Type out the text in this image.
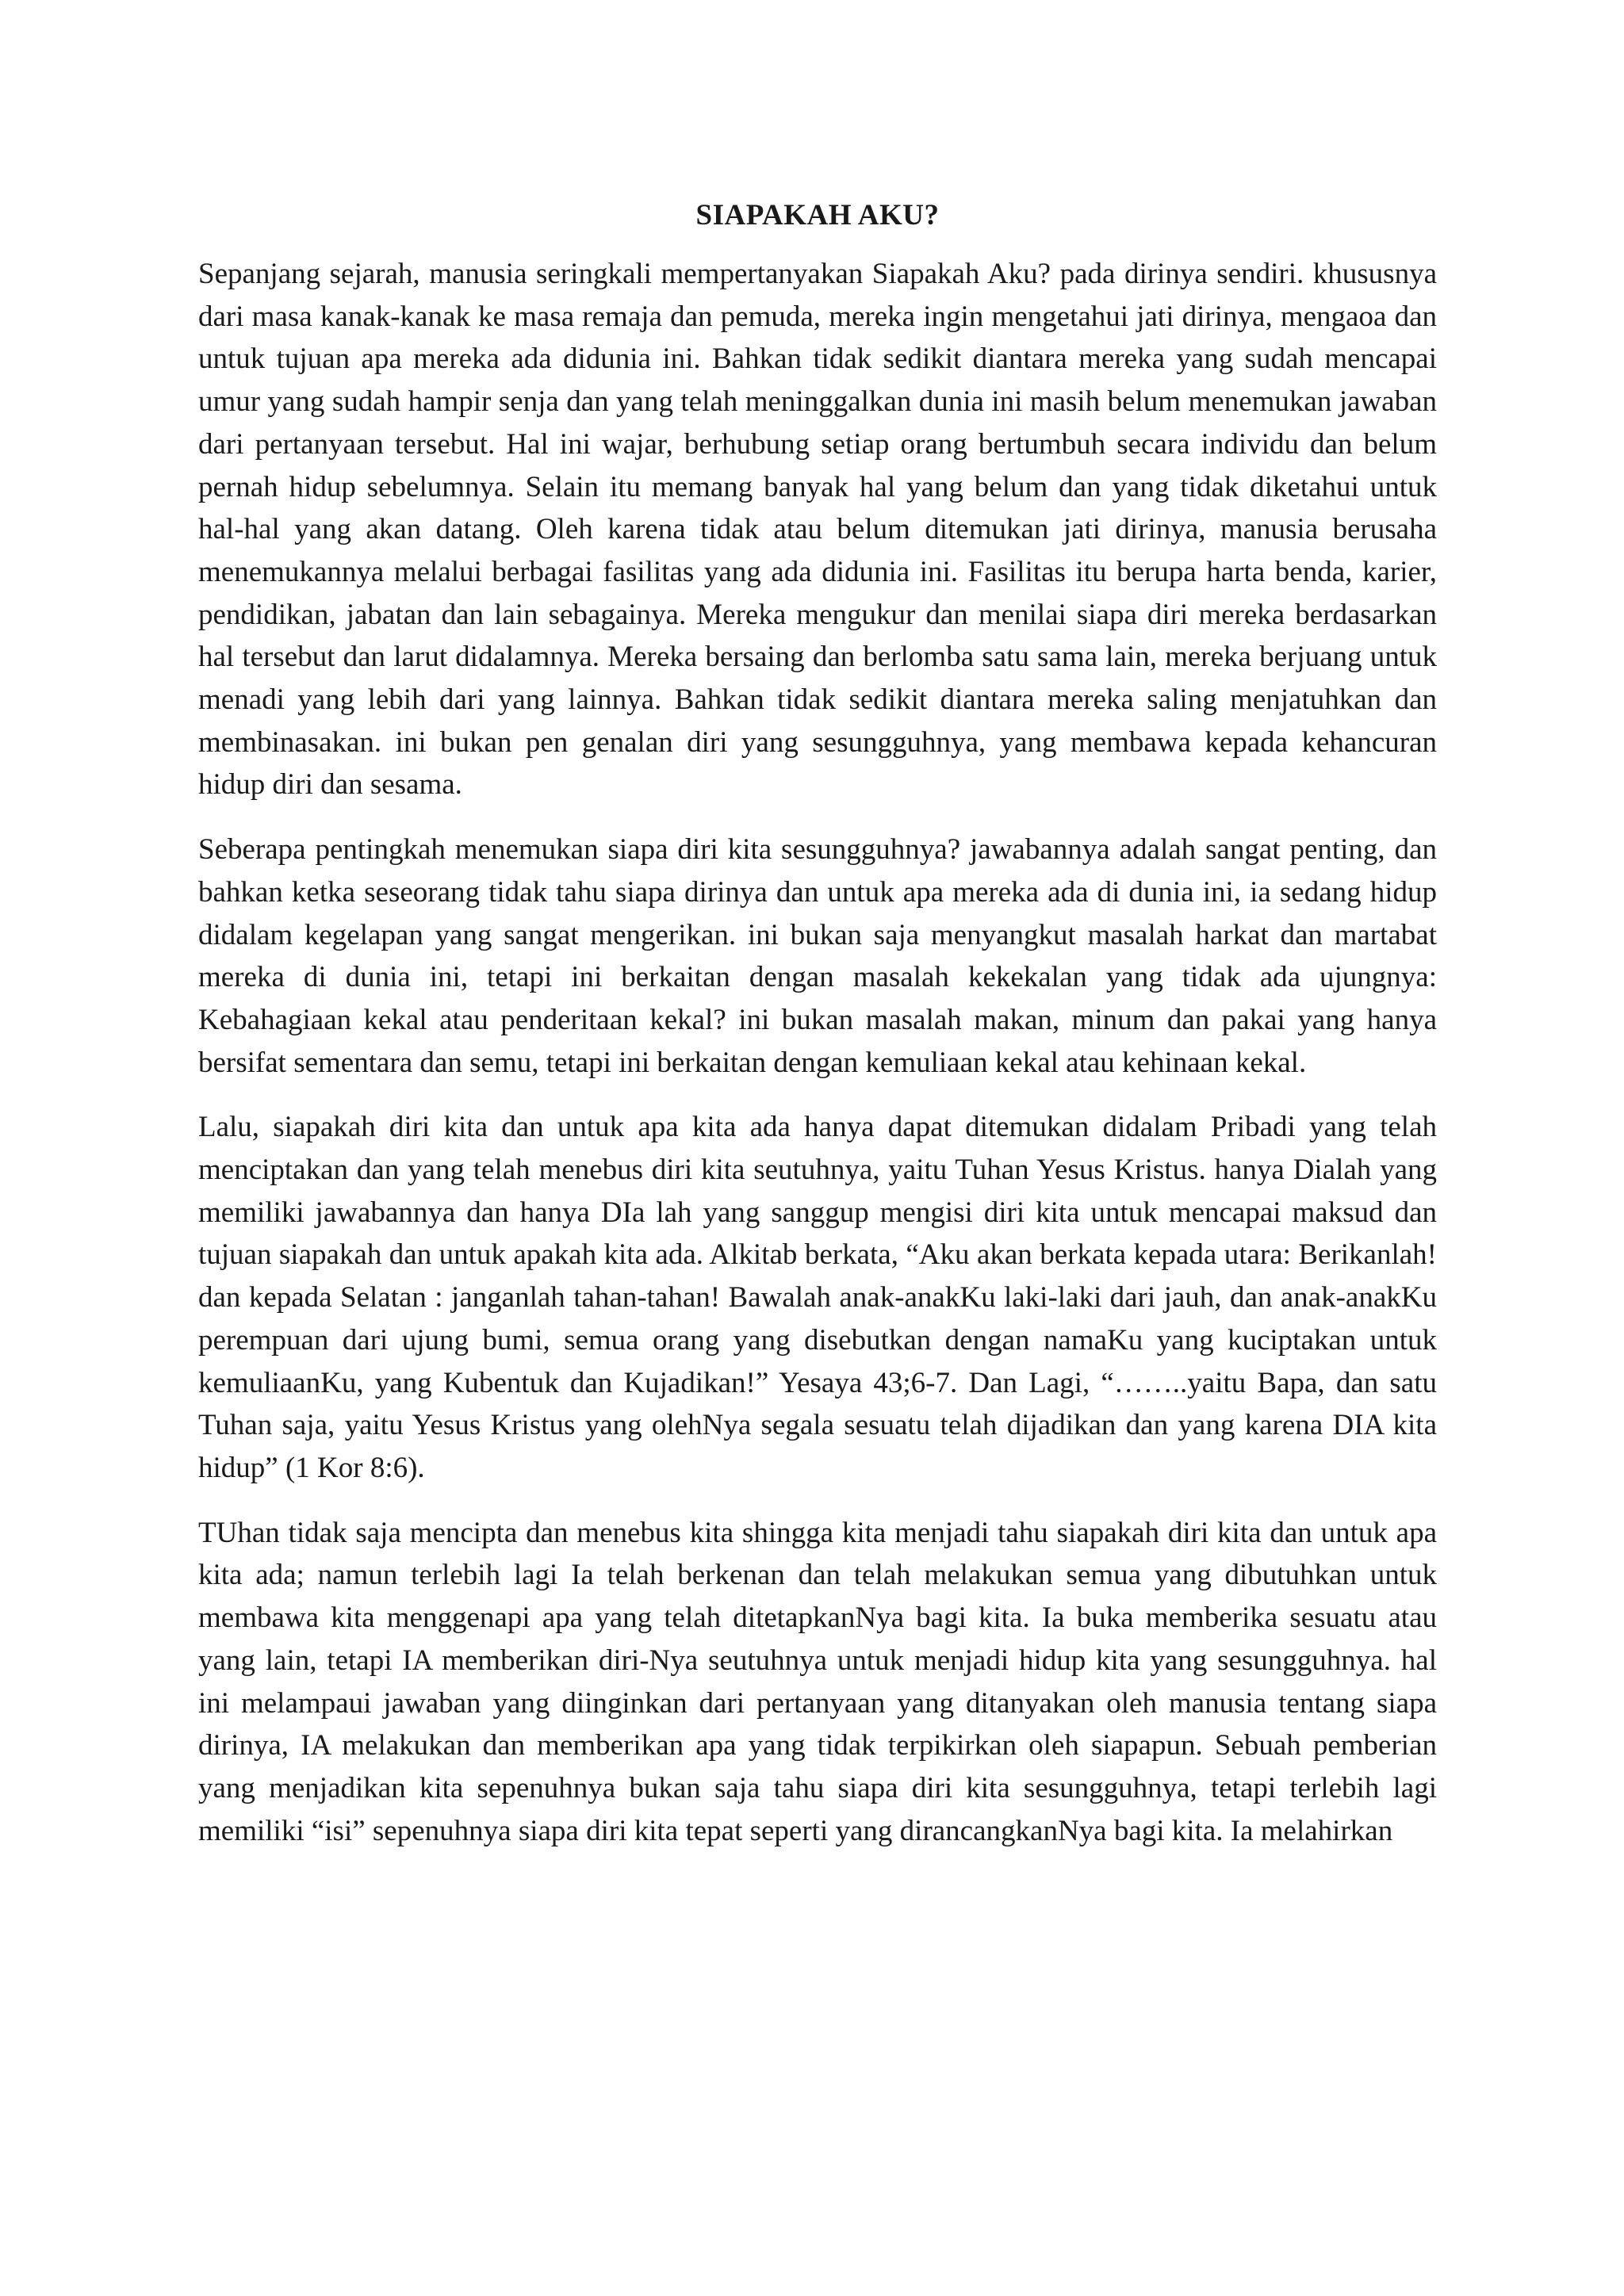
SIAPAKAH AKU?

Sepanjang sejarah, manusia seringkali mempertanyakan Siapakah Aku? pada dirinya sendiri. khususnya dari masa kanak-kanak ke masa remaja dan pemuda, mereka ingin mengetahui jati dirinya, mengaoa dan untuk tujuan apa mereka ada didunia ini. Bahkan tidak sedikit diantara mereka yang sudah mencapai umur yang sudah hampir senja dan yang telah meninggalkan dunia ini masih belum menemukan jawaban dari pertanyaan tersebut. Hal ini wajar, berhubung setiap orang bertumbuh secara individu dan belum pernah hidup sebelumnya. Selain itu memang banyak hal yang belum dan yang tidak diketahui untuk hal-hal yang akan datang. Oleh karena tidak atau belum ditemukan jati dirinya, manusia berusaha menemukannya melalui berbagai fasilitas yang ada didunia ini. Fasilitas itu berupa harta benda, karier, pendidikan, jabatan dan lain sebagainya. Mereka mengukur dan menilai siapa diri mereka berdasarkan hal tersebut dan larut didalamnya. Mereka bersaing dan berlomba satu sama lain, mereka berjuang untuk menadi yang lebih dari yang lainnya. Bahkan tidak sedikit diantara mereka saling menjatuhkan dan membinasakan. ini bukan pen genalan diri yang sesungguhnya, yang membawa kepada kehancuran hidup diri dan sesama.

Seberapa pentingkah menemukan siapa diri kita sesungguhnya? jawabannya adalah sangat penting, dan bahkan ketka seseorang tidak tahu siapa dirinya dan untuk apa mereka ada di dunia ini, ia sedang hidup didalam kegelapan yang sangat mengerikan. ini bukan saja menyangkut masalah harkat dan martabat mereka di dunia ini, tetapi ini berkaitan dengan masalah kekekalan yang tidak ada ujungnya: Kebahagiaan kekal atau penderitaan kekal? ini bukan masalah makan, minum dan pakai yang hanya bersifat sementara dan semu, tetapi ini berkaitan dengan kemuliaan kekal atau kehinaan kekal.

Lalu, siapakah diri kita dan untuk apa kita ada hanya dapat ditemukan didalam Pribadi yang telah menciptakan dan yang telah menebus diri kita seutuhnya, yaitu Tuhan Yesus Kristus. hanya Dialah yang memiliki jawabannya dan hanya DIa lah yang sanggup mengisi diri kita untuk mencapai maksud dan tujuan siapakah dan untuk apakah kita ada. Alkitab berkata, “Aku akan berkata kepada utara: Berikanlah! dan kepada Selatan : janganlah tahan-tahan! Bawalah anak-anakKu laki-laki dari jauh, dan anak-anakKu perempuan dari ujung bumi, semua orang yang disebutkan dengan namaKu yang kuciptakan untuk kemuliaanKu, yang Kubentuk dan Kujadikan!” Yesaya 43;6-7. Dan Lagi, “……..yaitu Bapa, dan satu Tuhan saja, yaitu Yesus Kristus yang olehNya segala sesuatu telah dijadikan dan yang karena DIA kita hidup” (1 Kor 8:6).

TUhan tidak saja mencipta dan menebus kita shingga kita menjadi tahu siapakah diri kita dan untuk apa kita ada; namun terlebih lagi Ia telah berkenan dan telah melakukan semua yang dibutuhkan untuk membawa kita menggenapi apa yang telah ditetapkanNya bagi kita. Ia buka memberika sesuatu atau yang lain, tetapi IA memberikan diri-Nya seutuhnya untuk menjadi hidup kita yang sesungguhnya. hal ini melampaui jawaban yang diinginkan dari pertanyaan yang ditanyakan oleh manusia tentang siapa dirinya, IA melakukan dan memberikan apa yang tidak terpikirkan oleh siapapun. Sebuah pemberian yang menjadikan kita sepenuhnya bukan saja tahu siapa diri kita sesungguhnya, tetapi terlebih lagi memiliki “isi” sepenuhnya siapa diri kita tepat seperti yang dirancangkanNya bagi kita. Ia melahirkan
